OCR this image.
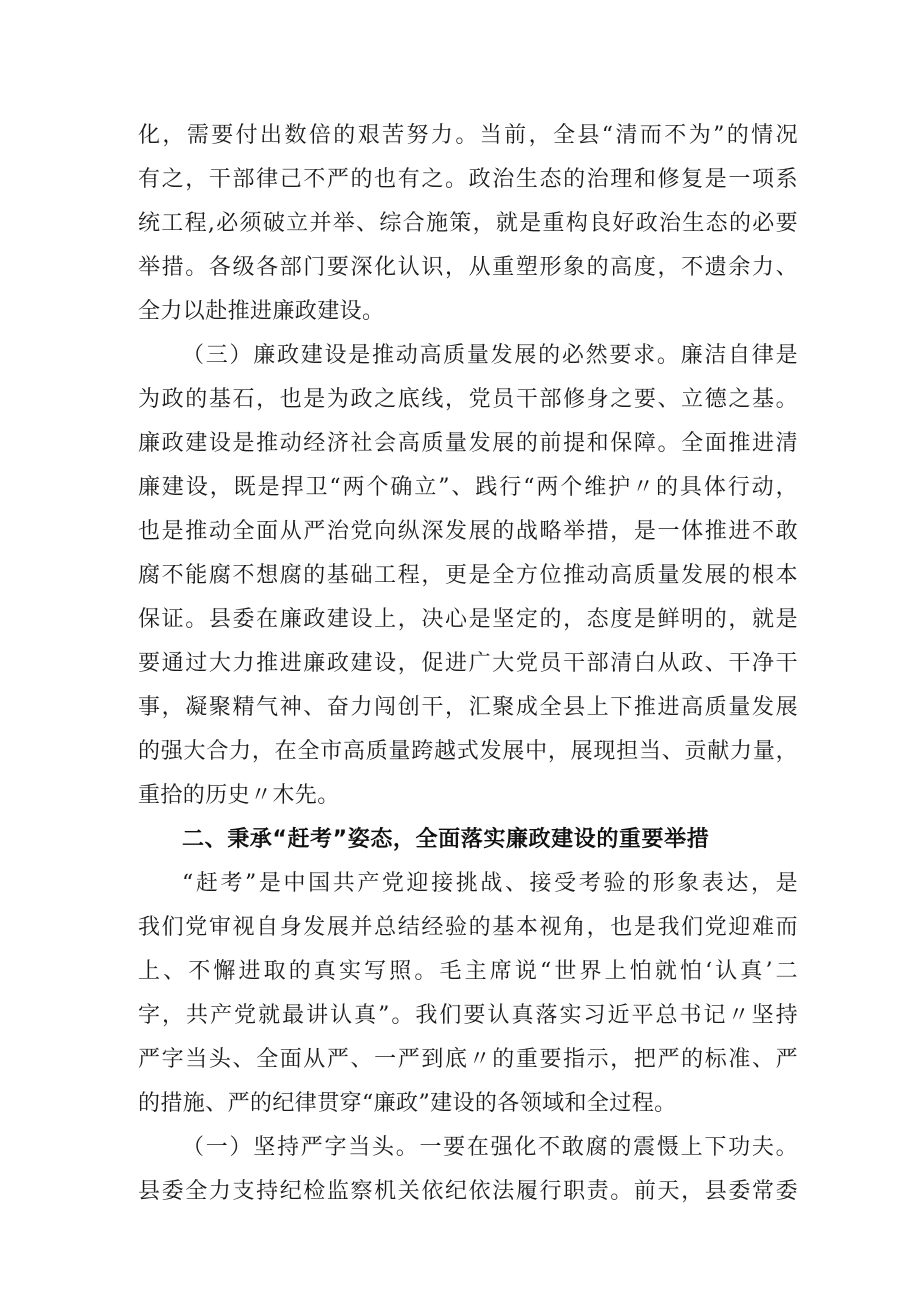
化，需要付出数倍的艰苦努力。当前，全县“清而不为”的情况
有之，干部律己不严的也有之。政治生态的治理和修复是一项系
统工程,必须破立并举、综合施策，就是重构良好政治生态的必要
举措。各级各部门要深化认识，从重塑形象的高度，不遗余力、
全力以赴推进廉政建设。
（三）廉政建设是推动高质量发展的必然要求。廉洁自律是
为政的基石，也是为政之底线，党员干部修身之要、立德之基。
廉政建设是推动经济社会高质量发展的前提和保障。全面推进清
廉建设，既是捍卫“两个确立”、践行“两个维护〃的具体行动，
也是推动全面从严治党向纵深发展的战略举措，是一体推进不敢
腐不能腐不想腐的基础工程，更是全方位推动高质量发展的根本
保证。县委在廉政建设上，决心是坚定的，态度是鲜明的，就是
要通过大力推进廉政建设，促进广大党员干部清白从政、干净干
事，凝聚精气神、奋力闯创干，汇聚成全县上下推进高质量发展
的强大合力，在全市高质量跨越式发展中，展现担当、贡献力量，
重拾的历史〃木先。
二、秉承“赶考”姿态，全面落实廉政建设的重要举措
“赶考”是中国共产党迎接挑战、接受考验的形象表达，是
我们党审视自身发展并总结经验的基本视角，也是我们党迎难而
上、不懈进取的真实写照。毛主席说“世界上怕就怕‘认真’二
字，共产党就最讲认真”。我们要认真落实习近平总书记〃坚持
严字当头、全面从严、一严到底〃的重要指示，把严的标准、严
的措施、严的纪律贯穿“廉政”建设的各领域和全过程。
（一）坚持严字当头。一要在强化不敢腐的震慑上下功夫。
县委全力支持纪检监察机关依纪依法履行职责。前天，县委常委
